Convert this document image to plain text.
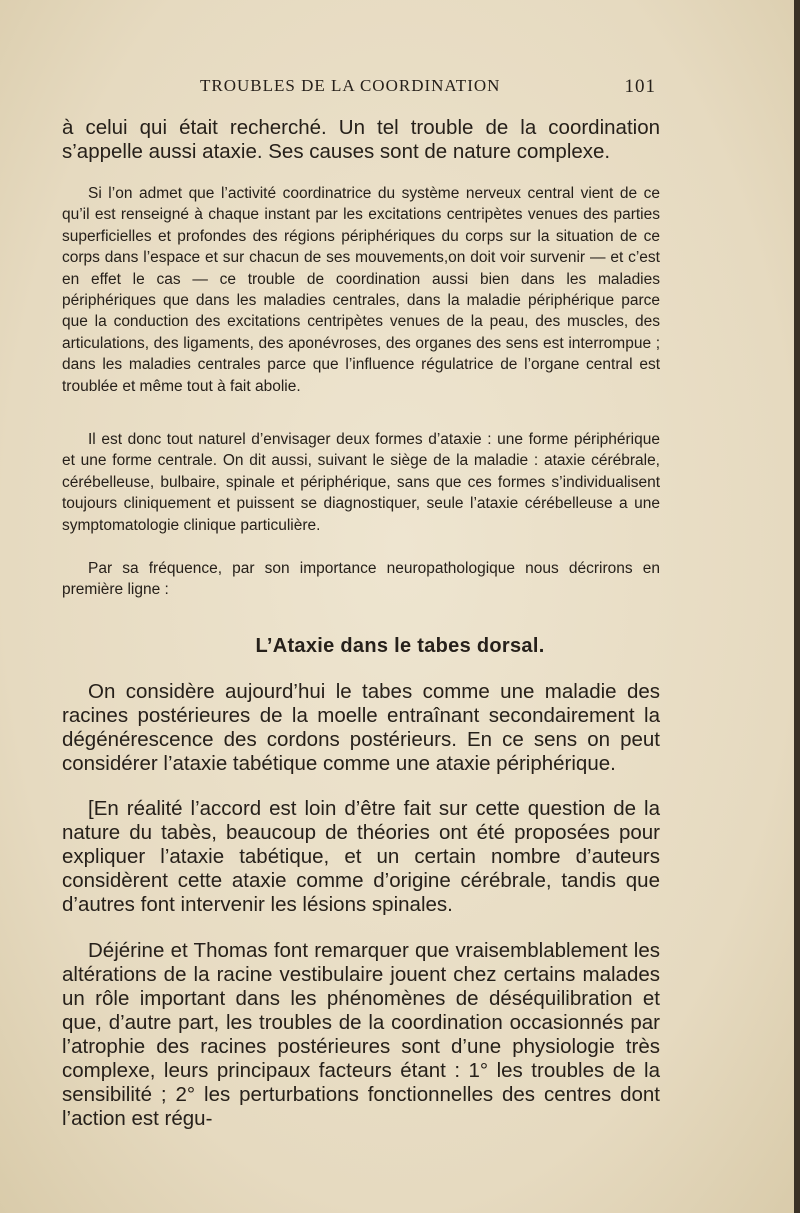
TROUBLES DE LA COORDINATION	101

à celui qui était recherché. Un tel trouble de la coordination s’appelle aussi ataxie. Ses causes sont de nature complexe.

Si l’on admet que l’activité coordinatrice du système nerveux central vient de ce qu’il est renseigné à chaque instant par les excitations centripètes venues des parties superficielles et profondes des régions périphériques du corps sur la situation de ce corps dans l’espace et sur chacun de ses mouvements,on doit voir survenir — et c’est en effet le cas — ce trouble de coordination aussi bien dans les maladies périphériques que dans les maladies centrales, dans la maladie périphérique parce que la conduction des excitations centripètes venues de la peau, des muscles, des articulations, des ligaments, des aponévroses, des organes des sens est interrompue ; dans les maladies centrales parce que l’influence régulatrice de l’organe central est troublée et même tout à fait abolie.

Il est donc tout naturel d’envisager deux formes d’ataxie : une forme périphérique et une forme centrale. On dit aussi, suivant le siège de la maladie : ataxie cérébrale, cérébelleuse, bulbaire, spinale et périphérique, sans que ces formes s’individualisent toujours cliniquement et puissent se diagnostiquer, seule l’ataxie cérébelleuse a une symptomatologie clinique particulière.

Par sa fréquence, par son importance neuropathologique nous décrirons en première ligne :

L’Ataxie dans le tabes dorsal.

On considère aujourd’hui le tabes comme une maladie des racines postérieures de la moelle entraînant secondairement la dégénérescence des cordons postérieurs. En ce sens on peut considérer l’ataxie tabétique comme une ataxie périphérique.

[En réalité l’accord est loin d’être fait sur cette question de la nature du tabès, beaucoup de théories ont été proposées pour expliquer l’ataxie tabétique, et un certain nombre d’auteurs considèrent cette ataxie comme d’origine cérébrale, tandis que d’autres font intervenir les lésions spinales.

Déjérine et Thomas font remarquer que vraisemblablement les altérations de la racine vestibulaire jouent chez certains malades un rôle important dans les phénomènes de déséquilibration et que, d’autre part, les troubles de la coordination occasionnés par l’atrophie des racines postérieures sont d’une physiologie très complexe, leurs principaux facteurs étant : 1° les troubles de la sensibilité ; 2° les perturbations fonctionnelles des centres dont l’action est régu-
